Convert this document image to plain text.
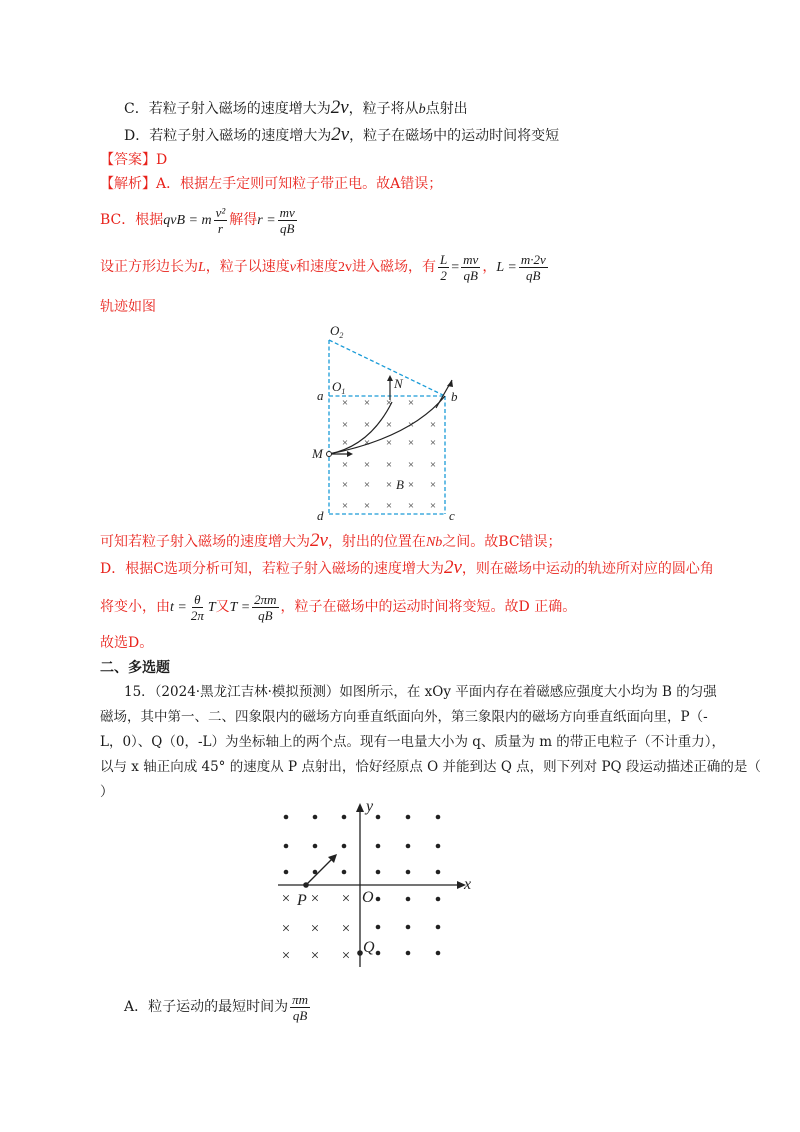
C．若粒子射入磁场的速度增大为2v，粒子将从b点射出
D．若粒子射入磁场的速度增大为2v，粒子在磁场中的运动时间将变短
【答案】D
【解析】A．根据左手定则可知粒子带正电。故A错误；
BC．根据qvB = m $\frac{\text{v²}}{r}$ 解得$r = \frac{mv}{qB}$
设正方形边长为L，粒子以速度v和速度2v进入磁场，有 $\frac{L}{2} = \frac{mv}{qB}$ ，$L = \frac{m\cdot 2v}{qB}$
轨迹如图
× × × ×
× × × × ×
× × × × ×
× × × × ×
× × × × ×
× × × × ×
$O_2$
$O_1$
N
a	b
M
B
d	c
可知若粒子射入磁场的速度增大为2v，射出的位置在Nb之间。故BC错误；
D．根据C选项分析可知，若粒子射入磁场的速度增大为2v，则在磁场中运动的轨迹所对应的圆心角
将变小，由$t = \frac{\theta}{2\pi}$ T又$T = \frac{2\pi m}{qB}$ ，粒子在磁场中的运动时间将变短。故D 正确。
故选D。
二、多选题
15．（2024·黑龙江吉林·模拟预测）如图所示，在 xOy 平面内存在着磁感应强度大小均为 B 的匀强
磁场，其中第一、二、四象限内的磁场方向垂直纸面向外，第三象限内的磁场方向垂直纸面向里，P（-
L，0）、Q（0，-L）为坐标轴上的两个点。现有一电量大小为 q、质量为 m 的带正电粒子（不计重力），
以与 x 轴正向成 45° 的速度从 P 点射出，恰好经原点 O 并能到达 Q 点，则下列对 PQ 段运动描述正确的是（
）
× × ×
× × ×
× × ×
x
y
O
P
Q
A．粒子运动的最短时间为 $\frac{\pi m}{qB}$
